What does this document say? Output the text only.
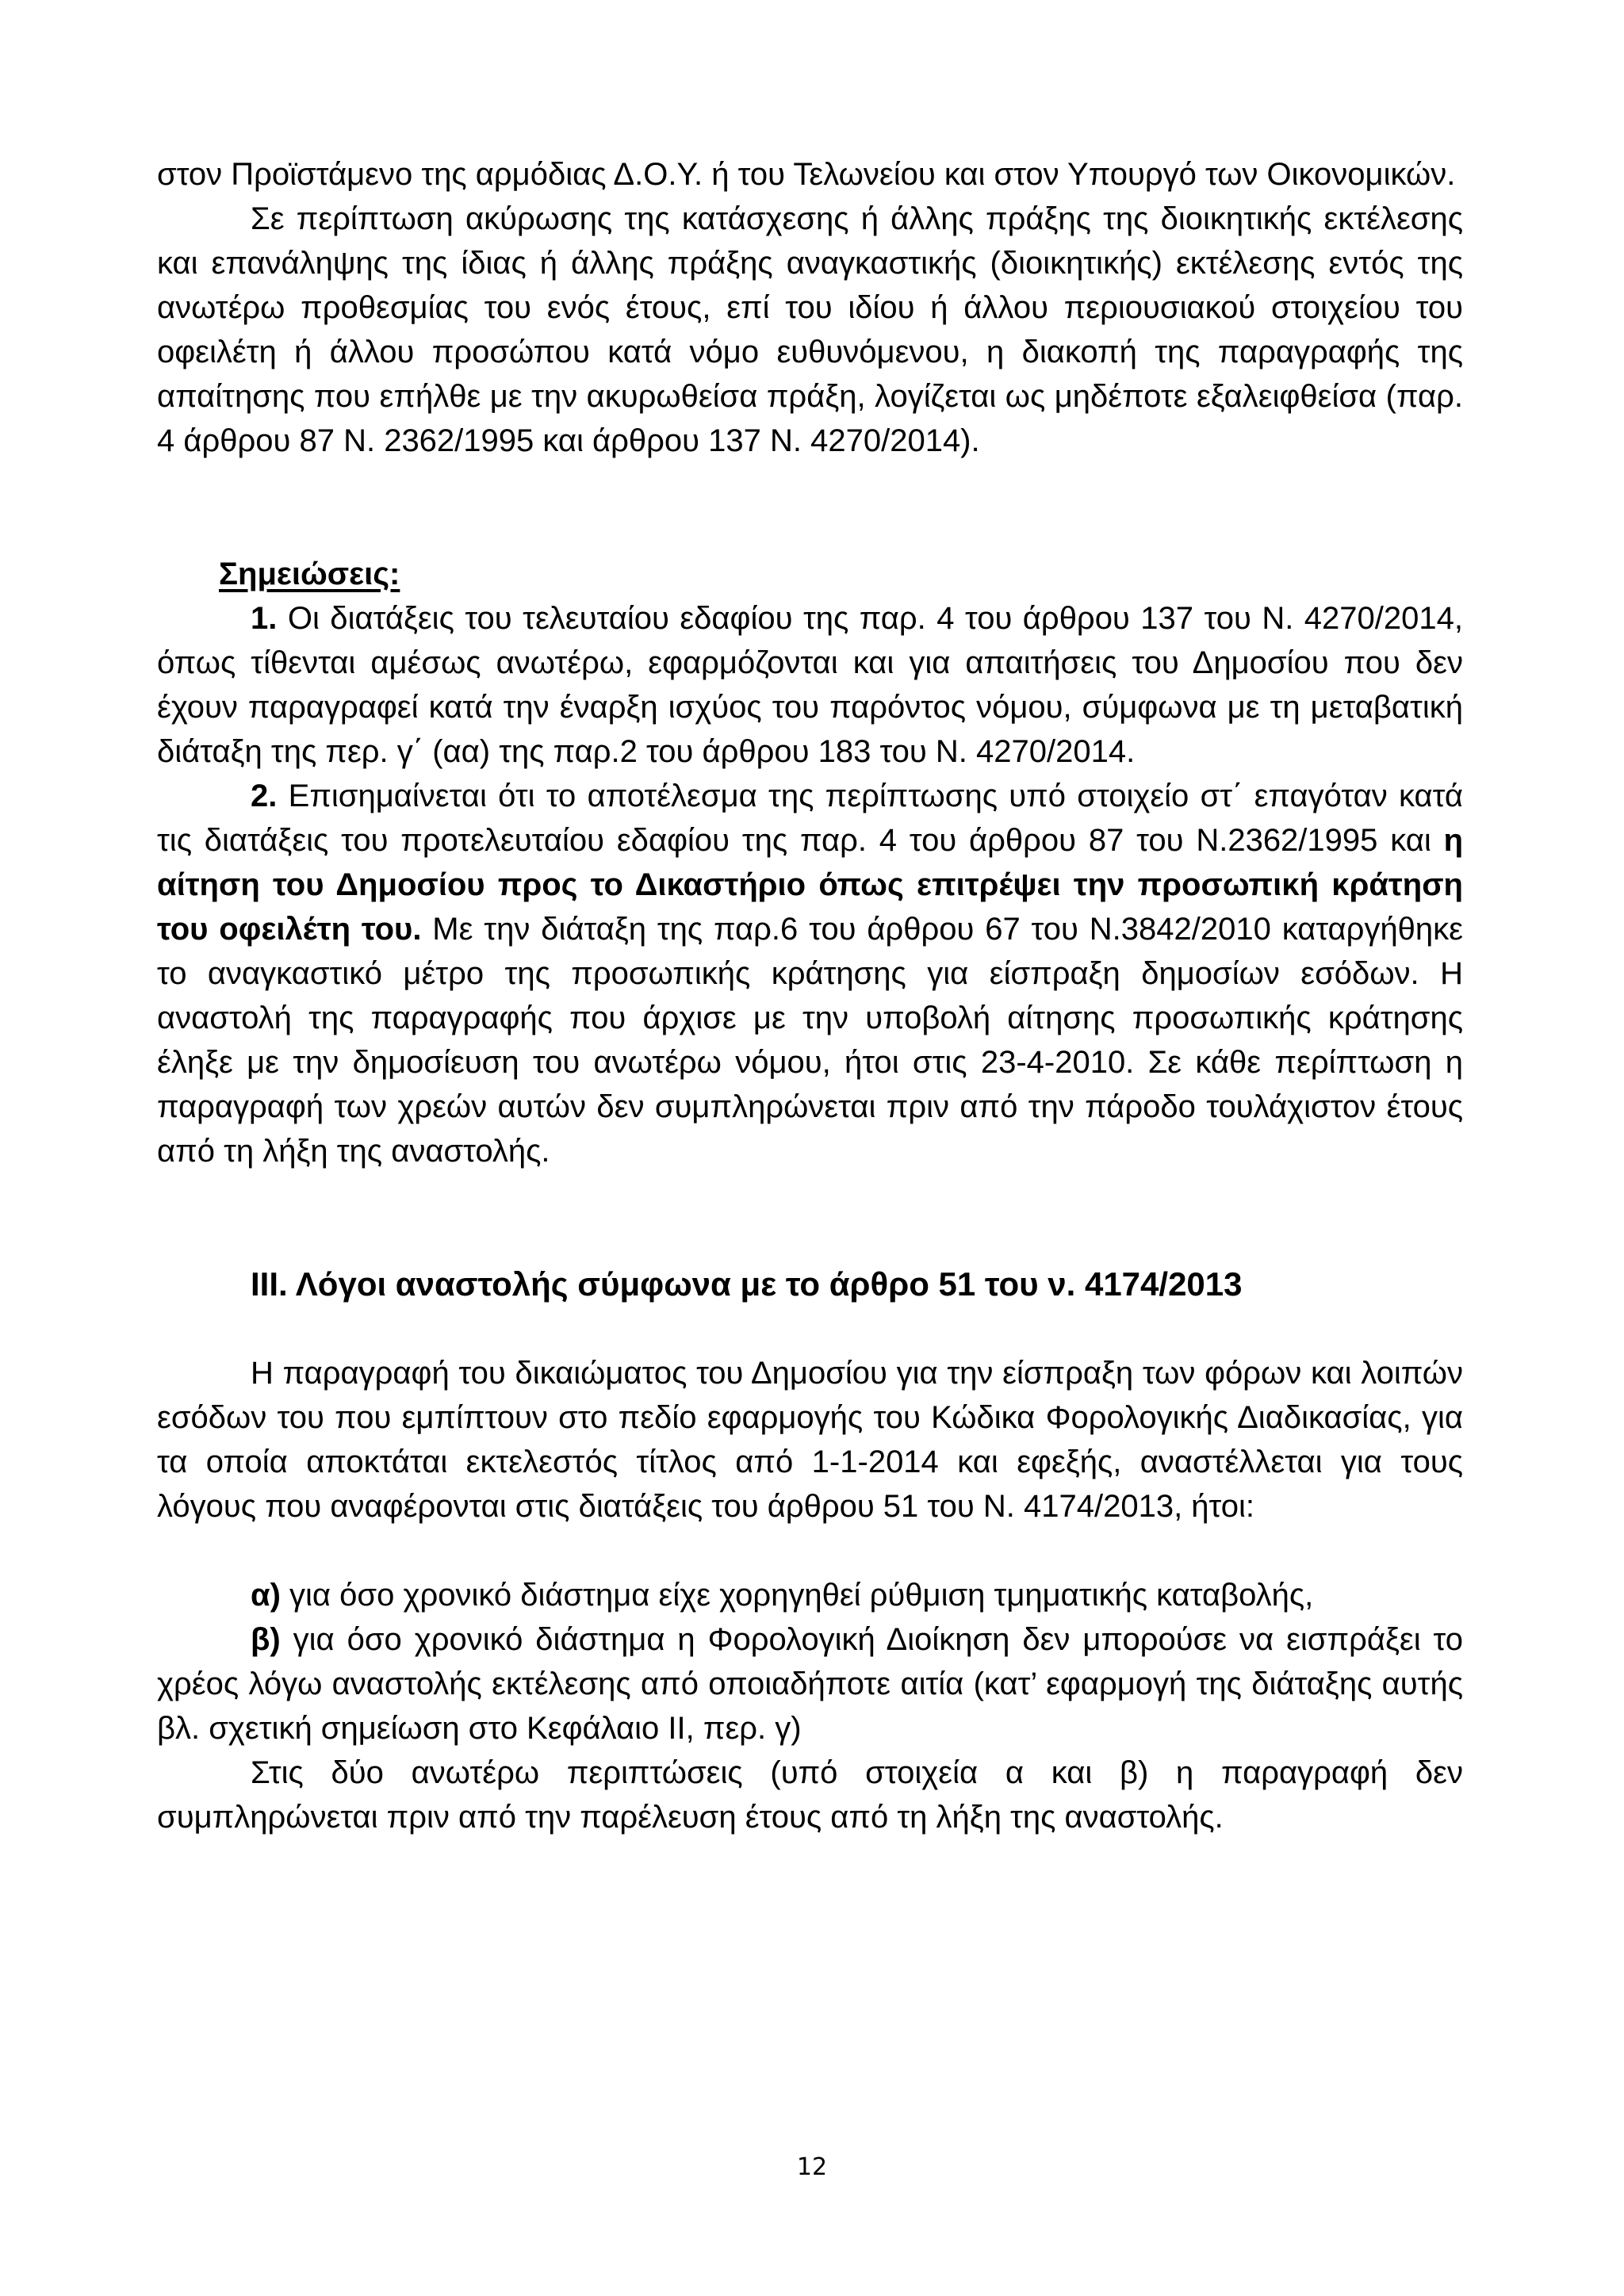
στον Προϊστάμενο της αρμόδιας Δ.Ο.Υ. ή του Τελωνείου και στον Υπουργό των Οικονομικών.

Σε περίπτωση ακύρωσης της κατάσχεσης ή άλλης πράξης της διοικητικής εκτέλεσης και επανάληψης της ίδιας ή άλλης πράξης αναγκαστικής (διοικητικής) εκτέλεσης εντός της ανωτέρω προθεσμίας του ενός έτους, επί του ιδίου ή άλλου περιουσιακού στοιχείου του οφειλέτη ή άλλου προσώπου κατά νόμο ευθυνόμενου, η διακοπή της παραγραφής της απαίτησης που επήλθε με την ακυρωθείσα πράξη, λογίζεται ως μηδέποτε εξαλειφθείσα (παρ. 4 άρθρου 87 Ν. 2362/1995 και άρθρου 137 Ν. 4270/2014).

Σημειώσεις:

1. Οι διατάξεις του τελευταίου εδαφίου της παρ. 4 του άρθρου 137 του Ν. 4270/2014, όπως τίθενται αμέσως ανωτέρω, εφαρμόζονται και για απαιτήσεις του Δημοσίου που δεν έχουν παραγραφεί κατά την έναρξη ισχύος του παρόντος νόμου, σύμφωνα με τη μεταβατική διάταξη της περ. γ΄ (αα) της παρ.2 του άρθρου 183 του Ν. 4270/2014.

2. Επισημαίνεται ότι το αποτέλεσμα της περίπτωσης υπό στοιχείο στ΄ επαγόταν κατά τις διατάξεις του προτελευταίου εδαφίου της παρ. 4 του άρθρου 87 του Ν.2362/1995 και η αίτηση του Δημοσίου προς το Δικαστήριο όπως επιτρέψει την προσωπική κράτηση του οφειλέτη του. Με την διάταξη της παρ.6 του άρθρου 67 του Ν.3842/2010 καταργήθηκε το αναγκαστικό μέτρο της προσωπικής κράτησης για είσπραξη δημοσίων εσόδων. Η αναστολή της παραγραφής που άρχισε με την υποβολή αίτησης προσωπικής κράτησης έληξε με την δημοσίευση του ανωτέρω νόμου, ήτοι στις 23-4-2010. Σε κάθε περίπτωση η παραγραφή των χρεών αυτών δεν συμπληρώνεται πριν από την πάροδο τουλάχιστον έτους από τη λήξη της αναστολής.

ΙΙΙ. Λόγοι αναστολής σύμφωνα με το άρθρο 51 του ν. 4174/2013

Η παραγραφή του δικαιώματος του Δημοσίου για την είσπραξη των φόρων και λοιπών εσόδων του που εμπίπτουν στο πεδίο εφαρμογής του Κώδικα Φορολογικής Διαδικασίας, για τα οποία αποκτάται εκτελεστός τίτλος από 1-1-2014 και εφεξής, αναστέλλεται για τους λόγους που αναφέρονται στις διατάξεις του άρθρου 51 του Ν. 4174/2013, ήτοι:

α) για όσο χρονικό διάστημα είχε χορηγηθεί ρύθμιση τμηματικής καταβολής,

β) για όσο χρονικό διάστημα η Φορολογική Διοίκηση δεν μπορούσε να εισπράξει το χρέος λόγω αναστολής εκτέλεσης από οποιαδήποτε αιτία (κατ’ εφαρμογή της διάταξης αυτής βλ. σχετική σημείωση στο Κεφάλαιο ΙΙ, περ. γ)

Στις δύο ανωτέρω περιπτώσεις (υπό στοιχεία α και β) η παραγραφή δεν συμπληρώνεται πριν από την παρέλευση έτους από τη λήξη της αναστολής.

12
